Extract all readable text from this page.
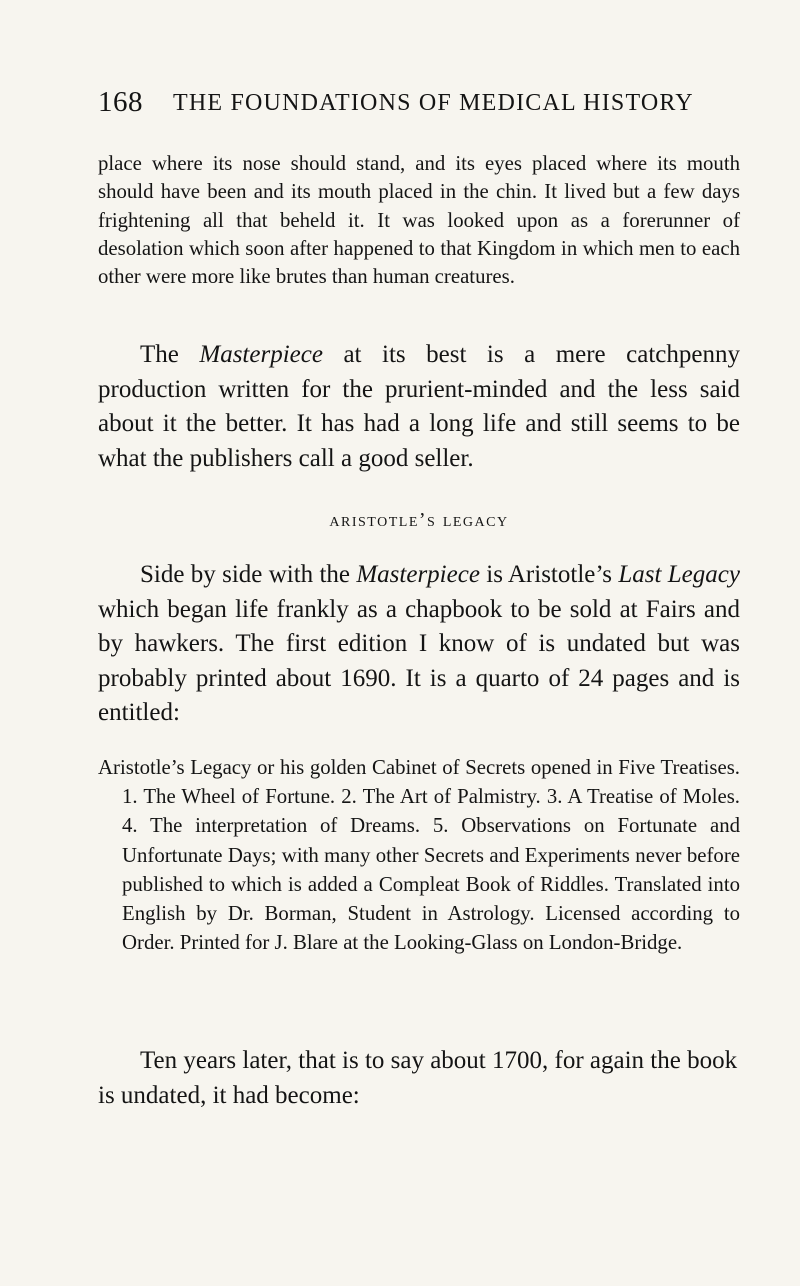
168 THE FOUNDATIONS OF MEDICAL HISTORY

place where its nose should stand, and its eyes placed where its mouth should have been and its mouth placed in the chin. It lived but a few days frightening all that beheld it. It was looked upon as a forerunner of desolation which soon after happened to that Kingdom in which men to each other were more like brutes than human creatures.

The Masterpiece at its best is a mere catchpenny production written for the prurient-minded and the less said about it the better. It has had a long life and still seems to be what the publishers call a good seller.

aristotle’s legacy

Side by side with the Masterpiece is Aristotle’s Last Legacy which began life frankly as a chapbook to be sold at Fairs and by hawkers. The first edition I know of is undated but was probably printed about 1690. It is a quarto of 24 pages and is entitled:

Aristotle’s Legacy or his golden Cabinet of Secrets opened in Five Treatises. 1. The Wheel of Fortune. 2. The Art of Palmistry. 3. A Treatise of Moles. 4. The interpretation of Dreams. 5. Observations on Fortunate and Unfortunate Days; with many other Secrets and Experiments never before published to which is added a Compleat Book of Riddles. Translated into English by Dr. Borman, Student in Astrology. Licensed according to Order. Printed for J. Blare at the Looking-Glass on London-Bridge.

Ten years later, that is to say about 1700, for again the book is undated, it had become:
